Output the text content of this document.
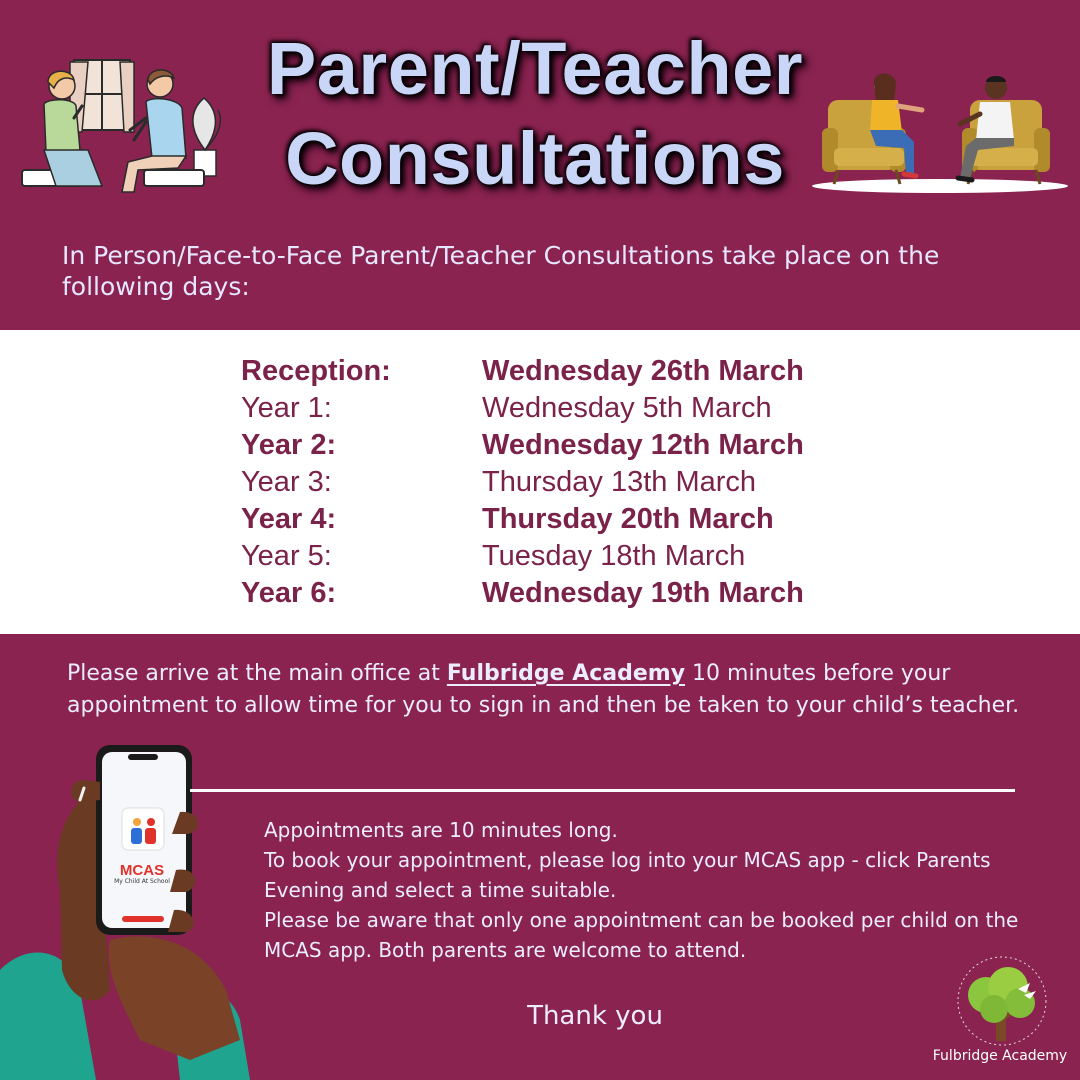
Parent/Teacher
Consultations
In Person/Face-to-Face Parent/Teacher Consultations take place on the following days:
Reception:	Wednesday 26th March
Year 1:	Wednesday 5th March
Year 2:	Wednesday 12th March
Year 3:	Thursday 13th March
Year 4:	Thursday 20th March
Year 5:	Tuesday 18th March
Year 6:	Wednesday 19th March
Please arrive at the main office at Fulbridge Academy 10 minutes before your appointment to allow time for you to sign in and then be taken to your child’s teacher.
MCAS
My Child At School

Appointments are 10 minutes long.

To book your appointment, please log into your MCAS app - click Parents Evening and select a time suitable.

Please be aware that only one appointment can be booked per child on the MCAS app. Both parents are welcome to attend.

Thank you
Fulbridge Academy
